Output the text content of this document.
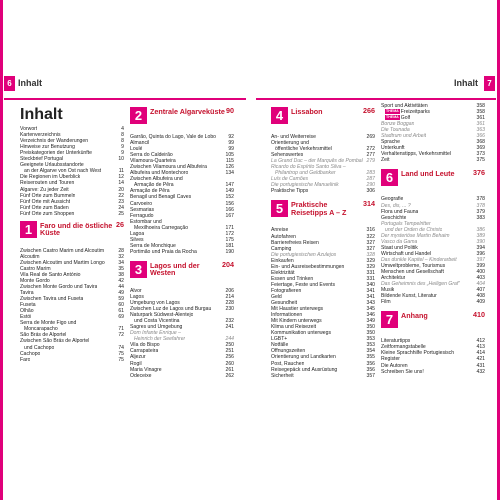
6 Inhalt	Inhalt	7
Inhalt
Vorwort	4
Kartenverzeichnis	8
Verzeichnis der Wanderungen	8
Hinweise zur Benutzung	9
Preiskategorien der Unterkünfte	9
Steckbrief Portugal	10
Geeignete Urlaubsstandorte
an der Algarve von Ost nach West	11
Die Regionen im Überblick	12
Reiserouten und Touren	14
Algarve: Zu jeder Zeit	20
Fünf Orte zum Bummeln	22
Fünf Orte mit Aussicht	23
Fünf Orte zum Baden	24
Fünf Orte zum Shoppen	25
1	Faro und die östliche Küste
26
Zwischen Castro Marim und Alcoutim	28
Alcoutim	32
Zwischen Alcoutim und Martim Longo	34
Castro Marim	35
Vila Real de Santo António	38
Monte Gordo	42
Zwischen Monte Gordo und Tavira	44
Tavira	49
Zwischen Tavira und Fuseta	59
Fuseta	60
Olhão	61
Estói	69
Serra de Monte Figo und
Moncarapacho	71
São Brás de Alportel	72
Zwischen São Brás de Alportel
und Cachopo	74
Cachopo	75
Faro	75
2	Zentrale Algarveküste 90
Garrão, Quinta do Lago, Vale de Lobo	92
Almancil	99
Loulé	99
Serra do Caldeirão	105
Vilamoura-Quarteira	115
Zwischen Vilamoura und Albufeira	126
Albufeira und Montechoro	134
Zwischen Albufeira und
Armação de Pêra	147
Armação de Pêra	149
Benagil und Benagil Caves	152
Carvoeiro	156
Sesmarias	166
Ferragudo	167
Estombar und
Mexilhoeira Carregação	171
Lagoa	172
Silves	175
Serra de Monchique	181
Portimão und Praia da Rocha	190
3	Lagos und der Westen
204
Alvor	206
Lagos	214
Umgebung von Lagos	228
Zwischen Luz de Lagos und Burgau	230
Naturpark Südwest-Alentejo
und Costa Vicentina	232
Sagres und Umgebung	241
Dom Infante Enrique –
Heinrich der Seefahrer	244
Vila do Bispo	250
Carrapateira	251
Aljezur	256
Rogil	260
Maria Vinagre	261
Odeceixe	262
4	Lissabon	266
An- und Weiterreise	269
Orientierung und
öffentliche Verkehrsmittel	272
Sehenswertes	277
La Grand Duc – der Marquês de Pombal 279
Ricardo do Espírito Santo Silva –
Philantrop und Geldbanker	283
Luís de Camões	287
Die portugiesische Manuelinik	290
Praktische Tipps	306
5	Praktische Reisetipps A – Z
314
Anreise	316
Autofahren	322
Barrierefreies Reisen	327
Camping	327
Die portugiesischen Azulejos	328
Einkaufen	329
Ein- und Ausreisebestimmungen	329
Elektrizität	331
Essen und Trinken	331
Feiertage, Feste und Events	340
Fotografieren	341
Geld	341
Gesundheit	343
Mit Haustier unterwegs	345
Informationen	346
Mit Kindern unterwegs	349
Klima und Reisezeit	350
Kommunikation unterwegs	350
LGBT+	353
Notfälle	353
Öffnungszeiten	354
Orientierung und Landkarten	355
Post, Rauchen	356
Reisegepäck und Ausrüstung	356
Sicherheit	357
Sport und Aktivitäten	358
THEMA Freizeitparks	358
THEMA Golf	361
Bonze Boggan	361
Die Tounada	363
Stadtrum und Arbeit	366
Sprache	368
Unterkunft	369
Verhaltenstipps, Verkehrsmittel	373
Zeit	375
6	Land und Leute	376
Geografie	378
Des, dis, ... ?	378
Flora und Fauna	379
Geschichte	383
Portugals Tempelritter
und der Orden de Christo	386
Der mysteriöse Martin Behaim	389
Vasco da Gama	390
Staat und Politik	394
Wirtschaft und Handel	396
Das dunkle Kapitel – Kinderarbeit	397
Umweltprobleme, Tourismus	399
Menschen und Gesellschaft	400
Architektur	403
Das Geheimnis des „Heiligen Graf"	404
Musik	407
Bildende Kunst, Literatur	408
Film	409
7	Anhang	410
Literaturtipps	412
Zeitformangstabelle	413
Kleine Sprachhilfe Portugiesisch	414
Register	421
Die Autoren	431
Schreiben Sie uns!	432
